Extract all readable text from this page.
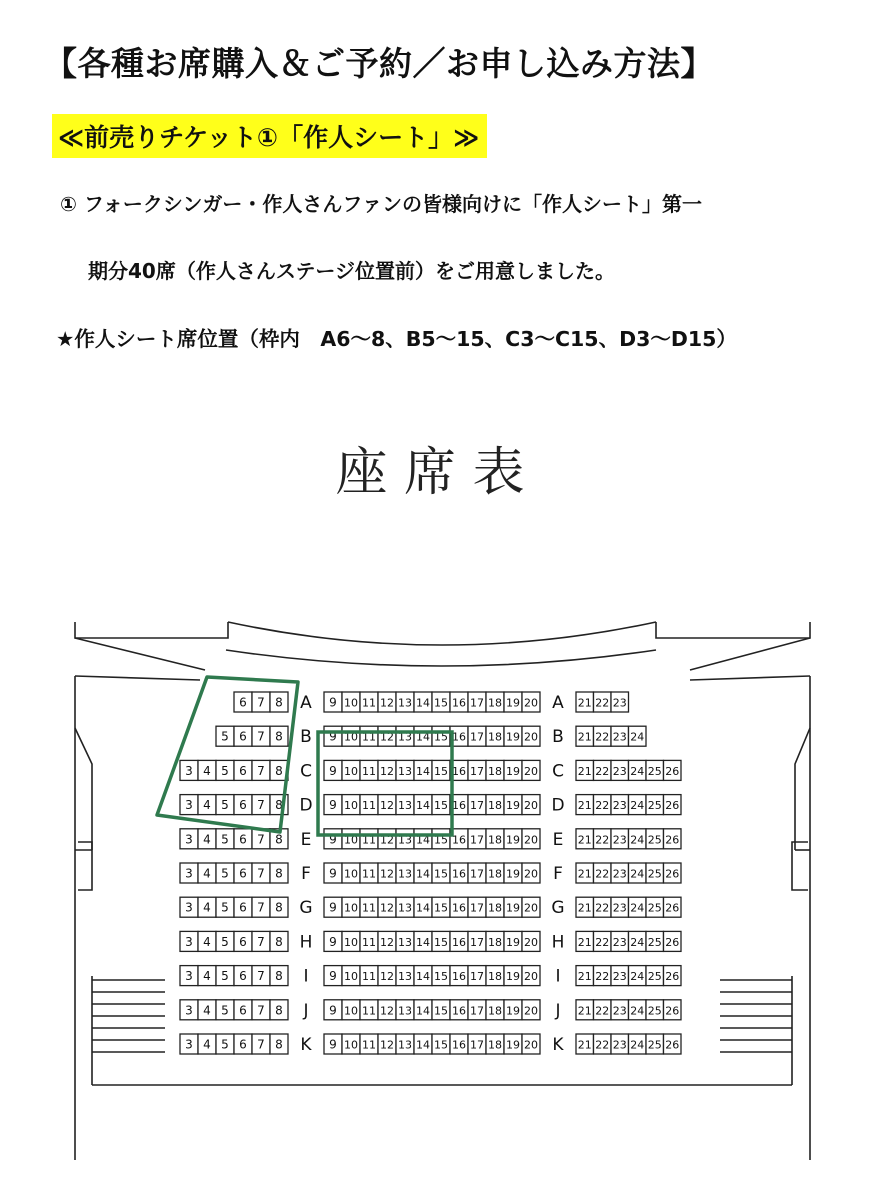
【各種お席購入＆ご予約／お申し込み方法】
≪前売りチケット①「作人シート」≫
① フォークシンガー・作人さんファンの皆様向けに「作人シート」第一
期分40席（作人さんステージ位置前）をご用意しました。
★作人シート席位置（枠内　A6〜8、B5〜15、C3〜C15、D3〜D15）
座 席 表
6 7 8 A 9 10 11 12 13 14 15 16 17 18 19 20 A 21 22 23
5 6 7 8 B 9 10 11 12 13 14 15 16 17 18 19 20 B 21 22 23 24
3 4 5 6 7 8 C 9 10 11 12 13 14 15 16 17 18 19 20 C 21 22 23 24 25 26
3 4 5 6 7 8 D 9 10 11 12 13 14 15 16 17 18 19 20 D 21 22 23 24 25 26
3 4 5 6 7 8 E 9 10 11 12 13 14 15 16 17 18 19 20 E 21 22 23 24 25 26
3 4 5 6 7 8 F 9 10 11 12 13 14 15 16 17 18 19 20 F 21 22 23 24 25 26
3 4 5 6 7 8 G 9 10 11 12 13 14 15 16 17 18 19 20 G 21 22 23 24 25 26
3 4 5 6 7 8 H 9 10 11 12 13 14 15 16 17 18 19 20 H 21 22 23 24 25 26
3 4 5 6 7 8 I 9 10 11 12 13 14 15 16 17 18 19 20 I 21 22 23 24 25 26
3 4 5 6 7 8 J 9 10 11 12 13 14 15 16 17 18 19 20 J 21 22 23 24 25 26
3 4 5 6 7 8 K 9 10 11 12 13 14 15 16 17 18 19 20 K 21 22 23 24 25 26
